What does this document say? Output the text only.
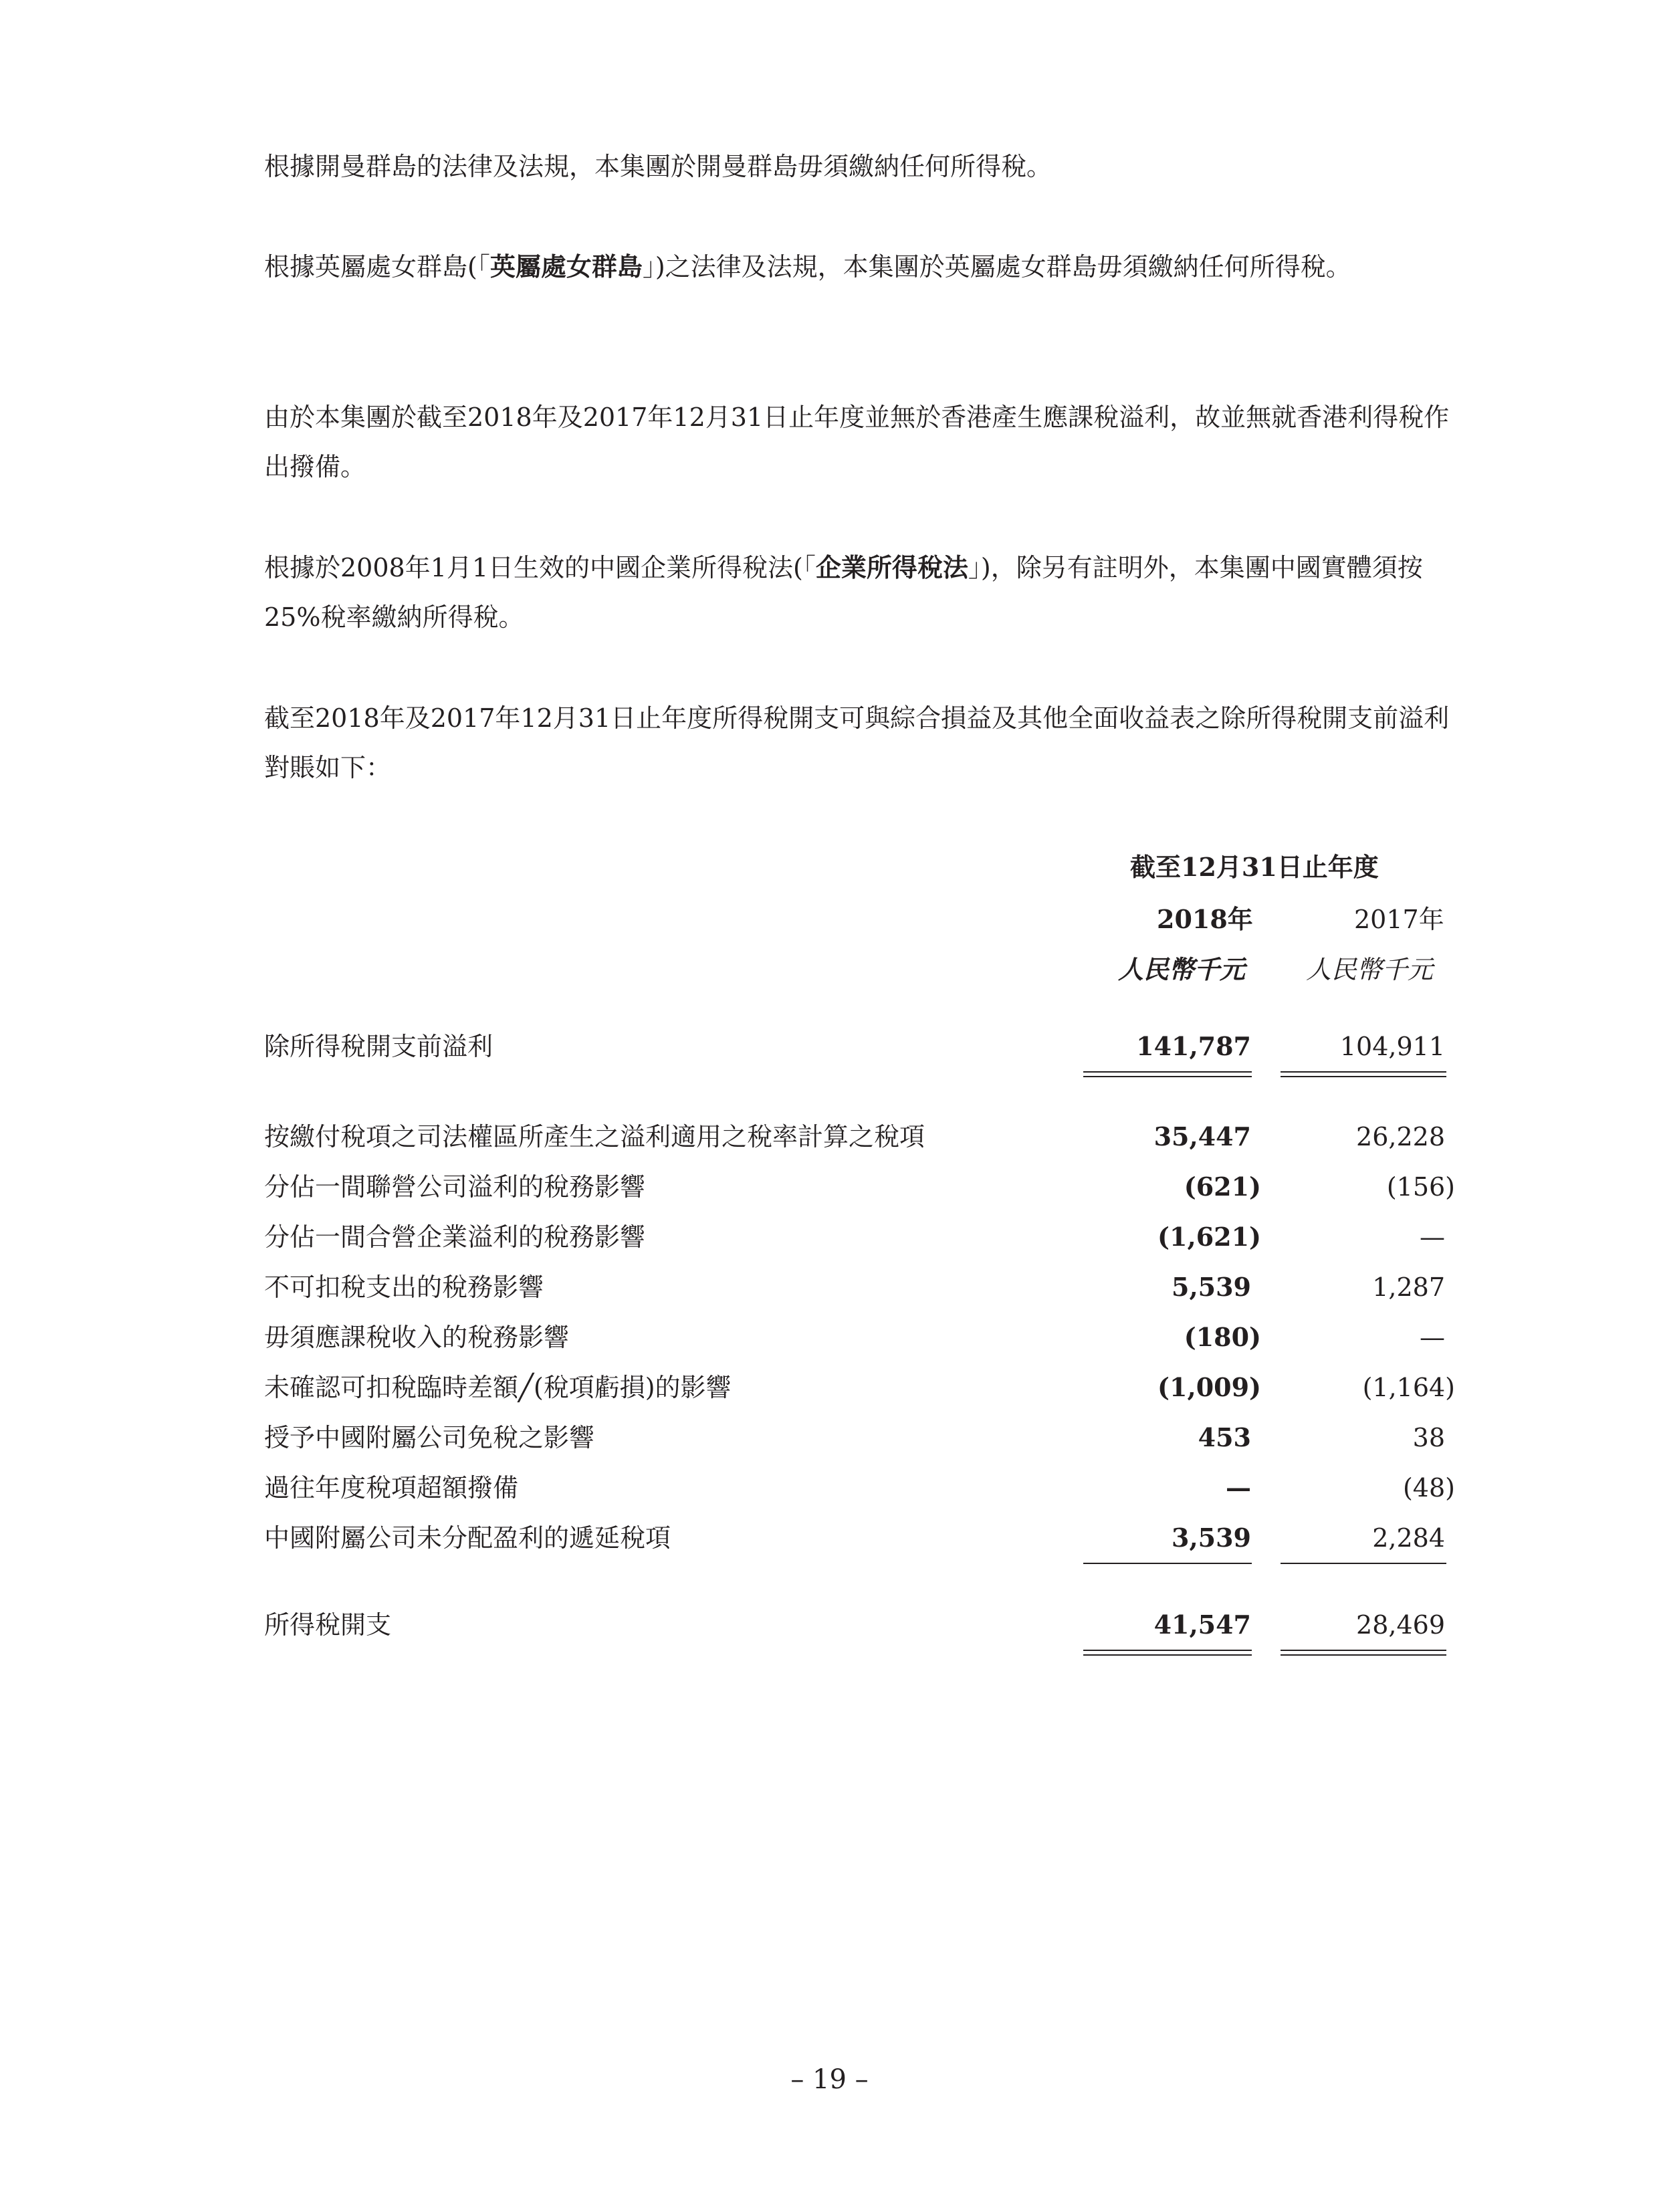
根據開曼群島的法律及法規，本集團於開曼群島毋須繳納任何所得稅。

根據英屬處女群島(「英屬處女群島」)之法律及法規，本集團於英屬處女群島毋須繳納任何所得稅。

由於本集團於截至2018年及2017年12月31日止年度並無於香港產生應課稅溢利，故並無就香港利得稅作出撥備。

根據於2008年1月1日生效的中國企業所得稅法(「企業所得稅法」)，除另有註明外，本集團中國實體須按25%稅率繳納所得稅。

截至2018年及2017年12月31日止年度所得稅開支可與綜合損益及其他全面收益表之除所得稅開支前溢利對賬如下：

截至12月31日止年度
2018年	2017年
人民幣千元 人民幣千元
除所得稅開支前溢利	141,787	104,911
按繳付稅項之司法權區所產生之溢利適用之稅率計算之稅項	35,447	26,228
分佔一間聯營公司溢利的稅務影響	(621)	(156)
分佔一間合營企業溢利的稅務影響	(1,621)	—
不可扣稅支出的稅務影響	5,539	1,287
毋須應課稅收入的稅務影響	(180)	—
未確認可扣稅臨時差額╱(稅項虧損)的影響	(1,009)	(1,164)
授予中國附屬公司免稅之影響	453	38
過往年度稅項超額撥備	—	(48)
中國附屬公司未分配盈利的遞延稅項	3,539	2,284
所得稅開支	41,547	28,469
– 19 –
